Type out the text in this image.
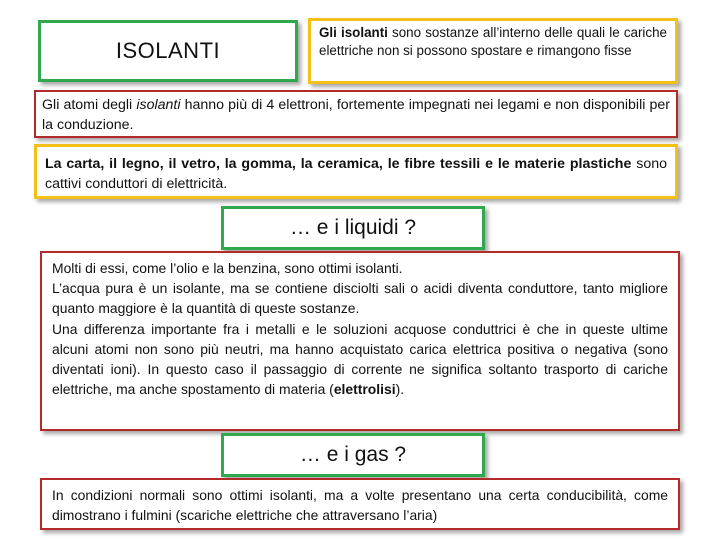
ISOLANTI
Gli isolanti sono sostanze all’interno delle quali le cariche elettriche non si possono spostare e rimangono fisse
Gli atomi degli isolanti hanno più di 4 elettroni, fortemente impegnati nei legami e non disponibili per la conduzione.
La carta, il legno, il vetro, la gomma, la ceramica, le fibre tessili e le materie plastiche sono cattivi conduttori di elettricità.
… e i liquidi ?

Molti di essi, come l’olio e la benzina, sono ottimi isolanti.

L’acqua pura è un isolante, ma se contiene disciolti sali o acidi diventa conduttore, tanto migliore quanto maggiore è la quantità di queste sostanze.

Una differenza importante fra i metalli e le soluzioni acquose conduttrici è che in queste ultime alcuni atomi non sono più neutri, ma hanno acquistato carica elettrica positiva o negativa (sono diventati ioni). In questo caso il passaggio di corrente ne significa soltanto trasporto di cariche elettriche, ma anche spostamento di materia (elettrolisi).

… e i gas ?
In condizioni normali sono ottimi isolanti, ma a volte presentano una certa conducibilità, come dimostrano i fulmini (scariche elettriche che attraversano l’aria)
